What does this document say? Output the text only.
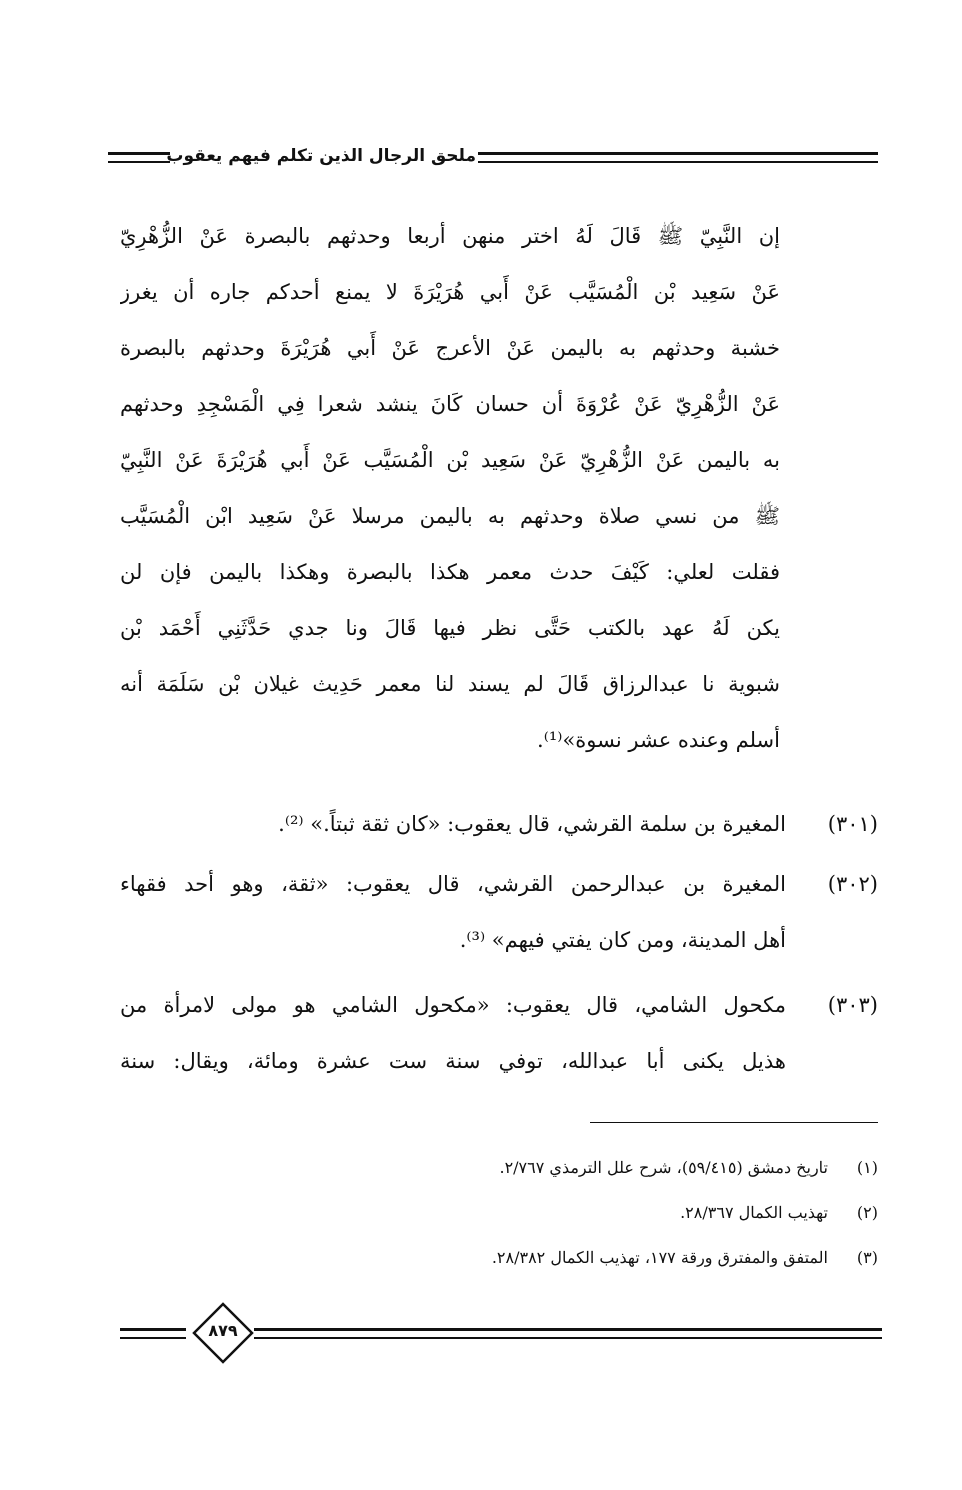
ملحق الرجال الذين تكلم فيهم يعقوب
إن النَّبِيّ ﷺ قَالَ لَهُ اختر منهن أربعا وحدثهم بالبصرة عَنْ الزُّهْرِيّ
عَنْ سَعِيد بْن الْمُسَيَّب عَنْ أَبي هُرَيْرَةَ لا يمنع أحدكم جاره أن يغرز
خشبة وحدثهم به باليمن عَنْ الأعرج عَنْ أَبي هُرَيْرَةَ وحدثهم بالبصرة
عَنْ الزُّهْرِيّ عَنْ عُرْوَةَ أن حسان كَانَ ينشد شعرا فِي الْمَسْجِدِ وحدثهم
به باليمن عَنْ الزُّهْرِيّ عَنْ سَعِيد بْن الْمُسَيَّب عَنْ أَبي هُرَيْرَةَ عَنْ النَّبِيّ
ﷺ من نسي صلاة وحدثهم به باليمن مرسلا عَنْ سَعِيد ابْن الْمُسَيَّب
فقلت لعلي: كَيْفَ حدث معمر هكذا بالبصرة وهكذا باليمن فإن لن
يكن لَهُ عهد بالكتب حَتَّى نظر فيها قَالَ ونا جدي حَدَّثَنِي أَحْمَد بْن
شبوية نا عبدالرزاق قَالَ لم يسند لنا معمر حَدِيث غيلان بْن سَلَمَة أنه
أسلم وعنده عشر نسوة»⁽¹⁾.
(٣٠١)
المغيرة بن سلمة القرشي، قال يعقوب: «كان ثقة ثبتاً.» ⁽²⁾.
(٣٠٢)
المغيرة بن عبدالرحمن القرشي، قال يعقوب: «ثقة، وهو أحد فقهاء
أهل المدينة، ومن كان يفتي فيهم» ⁽³⁾.
(٣٠٣)
مكحول الشامي، قال يعقوب: «مكحول الشامي هو مولى لامرأة من
هذيل يكنى أبا عبدالله، توفي سنة ست عشرة ومائة، ويقال: سنة
(١)تاريخ دمشق (٥٩/٤١٥)، شرح علل الترمذي ٢/٧٦٧.
(٢)تهذيب الكمال ٢٨/٣٦٧.
(٣)المتفق والمفترق ورقة ١٧٧، تهذيب الكمال ٢٨/٣٨٢.
٨٧٩
